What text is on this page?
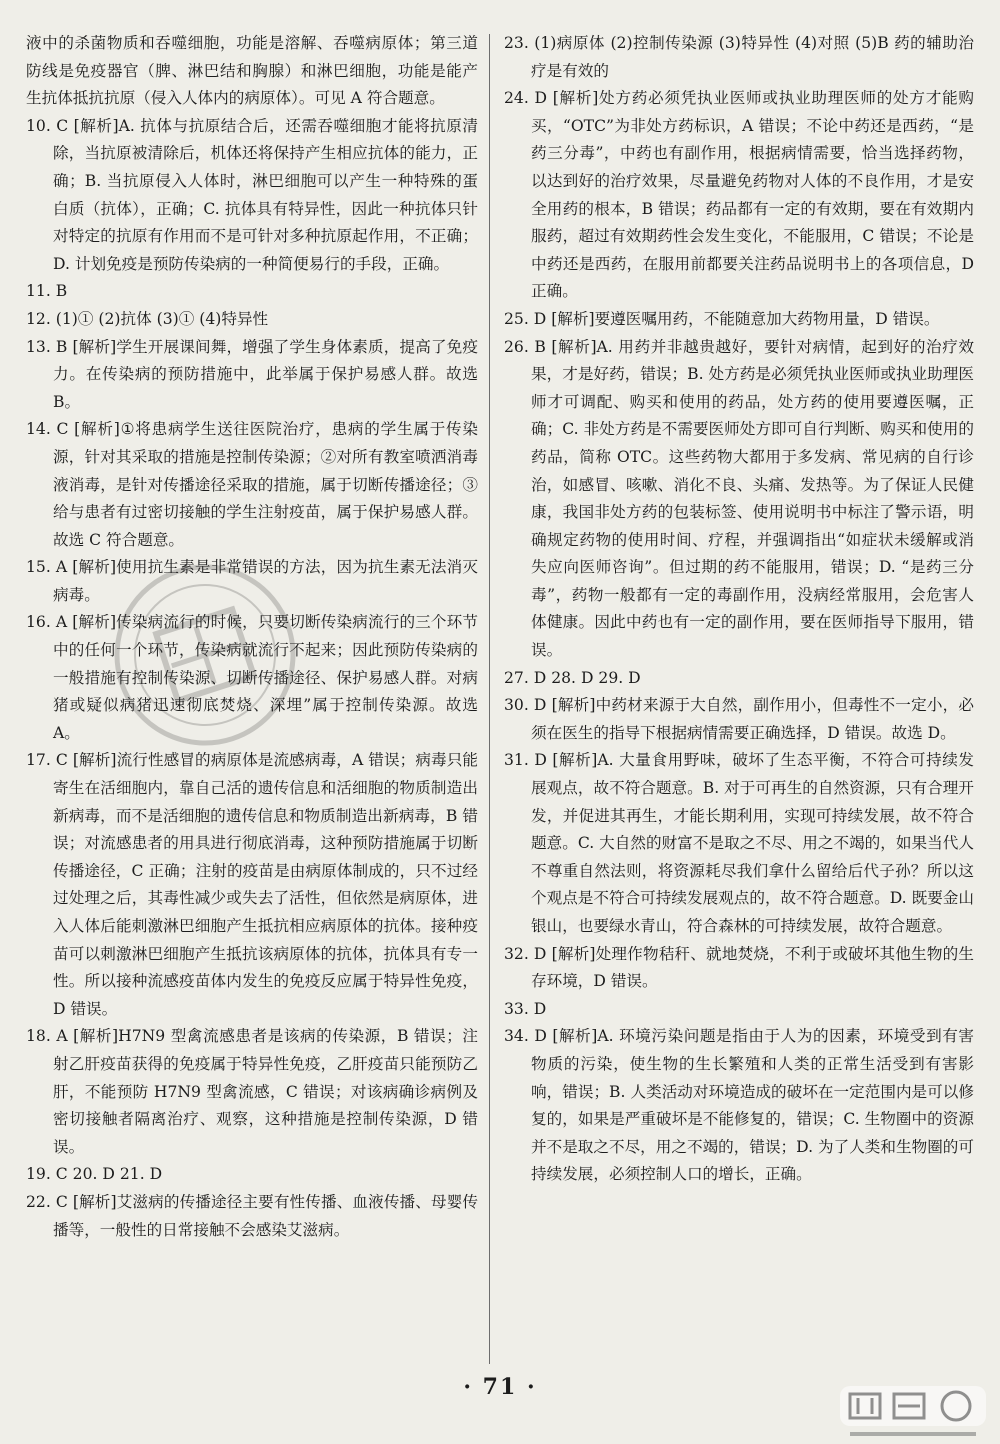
液中的杀菌物质和吞噬细胞，功能是溶解、吞噬病原体；第三道防线是免疫器官（脾、淋巴结和胸腺）和淋巴细胞，功能是能产生抗体抵抗抗原（侵入人体内的病原体）。可见 A 符合题意。
10. C [解析]A. 抗体与抗原结合后，还需吞噬细胞才能将抗原清除，当抗原被清除后，机体还将保持产生相应抗体的能力，正确；B. 当抗原侵入人体时，淋巴细胞可以产生一种特殊的蛋白质（抗体），正确；C. 抗体具有特异性，因此一种抗体只针对特定的抗原有作用而不是可针对多种抗原起作用，不正确；D. 计划免疫是预防传染病的一种简便易行的手段，正确。
11. B
12. (1)① (2)抗体 (3)① (4)特异性
13. B [解析]学生开展课间舞，增强了学生身体素质，提高了免疫力。在传染病的预防措施中，此举属于保护易感人群。故选 B。
14. C [解析]①将患病学生送往医院治疗，患病的学生属于传染源，针对其采取的措施是控制传染源；②对所有教室喷洒消毒液消毒，是针对传播途径采取的措施，属于切断传播途径；③给与患者有过密切接触的学生注射疫苗，属于保护易感人群。故选 C 符合题意。
15. A [解析]使用抗生素是非常错误的方法，因为抗生素无法消灭病毒。
16. A [解析]传染病流行的时候，只要切断传染病流行的三个环节中的任何一个环节，传染病就流行不起来；因此预防传染病的一般措施有控制传染源、切断传播途径、保护易感人群。对病猪或疑似病猪迅速彻底焚烧、深埋”属于控制传染源。故选 A。
17. C [解析]流行性感冒的病原体是流感病毒，A 错误；病毒只能寄生在活细胞内，靠自己活的遗传信息和活细胞的物质制造出新病毒，而不是活细胞的遗传信息和物质制造出新病毒，B 错误；对流感患者的用具进行彻底消毒，这种预防措施属于切断传播途径，C 正确；注射的疫苗是由病原体制成的，只不过经过处理之后，其毒性减少或失去了活性，但依然是病原体，进入人体后能刺激淋巴细胞产生抵抗相应病原体的抗体。接种疫苗可以刺激淋巴细胞产生抵抗该病原体的抗体，抗体具有专一性。所以接种流感疫苗体内发生的免疫反应属于特异性免疫，D 错误。
18. A [解析]H7N9 型禽流感患者是该病的传染源，B 错误；注射乙肝疫苗获得的免疫属于特异性免疫，乙肝疫苗只能预防乙肝，不能预防 H7N9 型禽流感，C 错误；对该病确诊病例及密切接触者隔离治疗、观察，这种措施是控制传染源，D 错误。
19. C 20. D 21. D
22. C [解析]艾滋病的传播途径主要有性传播、血液传播、母婴传播等，一般性的日常接触不会感染艾滋病。
23. (1)病原体 (2)控制传染源 (3)特异性 (4)对照 (5)B 药的辅助治疗是有效的
24. D [解析]处方药必须凭执业医师或执业助理医师的处方才能购买，“OTC”为非处方药标识，A 错误；不论中药还是西药，“是药三分毒”，中药也有副作用，根据病情需要，恰当选择药物，以达到好的治疗效果，尽量避免药物对人体的不良作用，才是安全用药的根本，B 错误；药品都有一定的有效期，要在有效期内服药，超过有效期药性会发生变化，不能服用，C 错误；不论是中药还是西药，在服用前都要关注药品说明书上的各项信息，D 正确。
25. D [解析]要遵医嘱用药，不能随意加大药物用量，D 错误。
26. B [解析]A. 用药并非越贵越好，要针对病情，起到好的治疗效果，才是好药，错误；B. 处方药是必须凭执业医师或执业助理医师才可调配、购买和使用的药品，处方药的使用要遵医嘱，正确；C. 非处方药是不需要医师处方即可自行判断、购买和使用的药品，简称 OTC。这些药物大都用于多发病、常见病的自行诊治，如感冒、咳嗽、消化不良、头痛、发热等。为了保证人民健康，我国非处方药的包装标签、使用说明书中标注了警示语，明确规定药物的使用时间、疗程，并强调指出“如症状未缓解或消失应向医师咨询”。但过期的药不能服用，错误；D. “是药三分毒”，药物一般都有一定的毒副作用，没病经常服用，会危害人体健康。因此中药也有一定的副作用，要在医师指导下服用，错误。
27. D 28. D 29. D
30. D [解析]中药材来源于大自然，副作用小，但毒性不一定小，必须在医生的指导下根据病情需要正确选择，D 错误。故选 D。
31. D [解析]A. 大量食用野味，破坏了生态平衡，不符合可持续发展观点，故不符合题意。B. 对于可再生的自然资源，只有合理开发，并促进其再生，才能长期利用，实现可持续发展，故不符合题意。C. 大自然的财富不是取之不尽、用之不竭的，如果当代人不尊重自然法则，将资源耗尽我们拿什么留给后代子孙？所以这个观点是不符合可持续发展观点的，故不符合题意。D. 既要金山银山，也要绿水青山，符合森林的可持续发展，故符合题意。
32. D [解析]处理作物秸秆、就地焚烧，不利于或破坏其他生物的生存环境，D 错误。
33. D
34. D [解析]A. 环境污染问题是指由于人为的因素，环境受到有害物质的污染，使生物的生长繁殖和人类的正常生活受到有害影响，错误；B. 人类活动对环境造成的破坏在一定范围内是可以修复的，如果是严重破坏是不能修复的，错误；C. 生物圈中的资源并不是取之不尽，用之不竭的，错误；D. 为了人类和生物圈的可持续发展，必须控制人口的增长，正确。
· 71 ·
